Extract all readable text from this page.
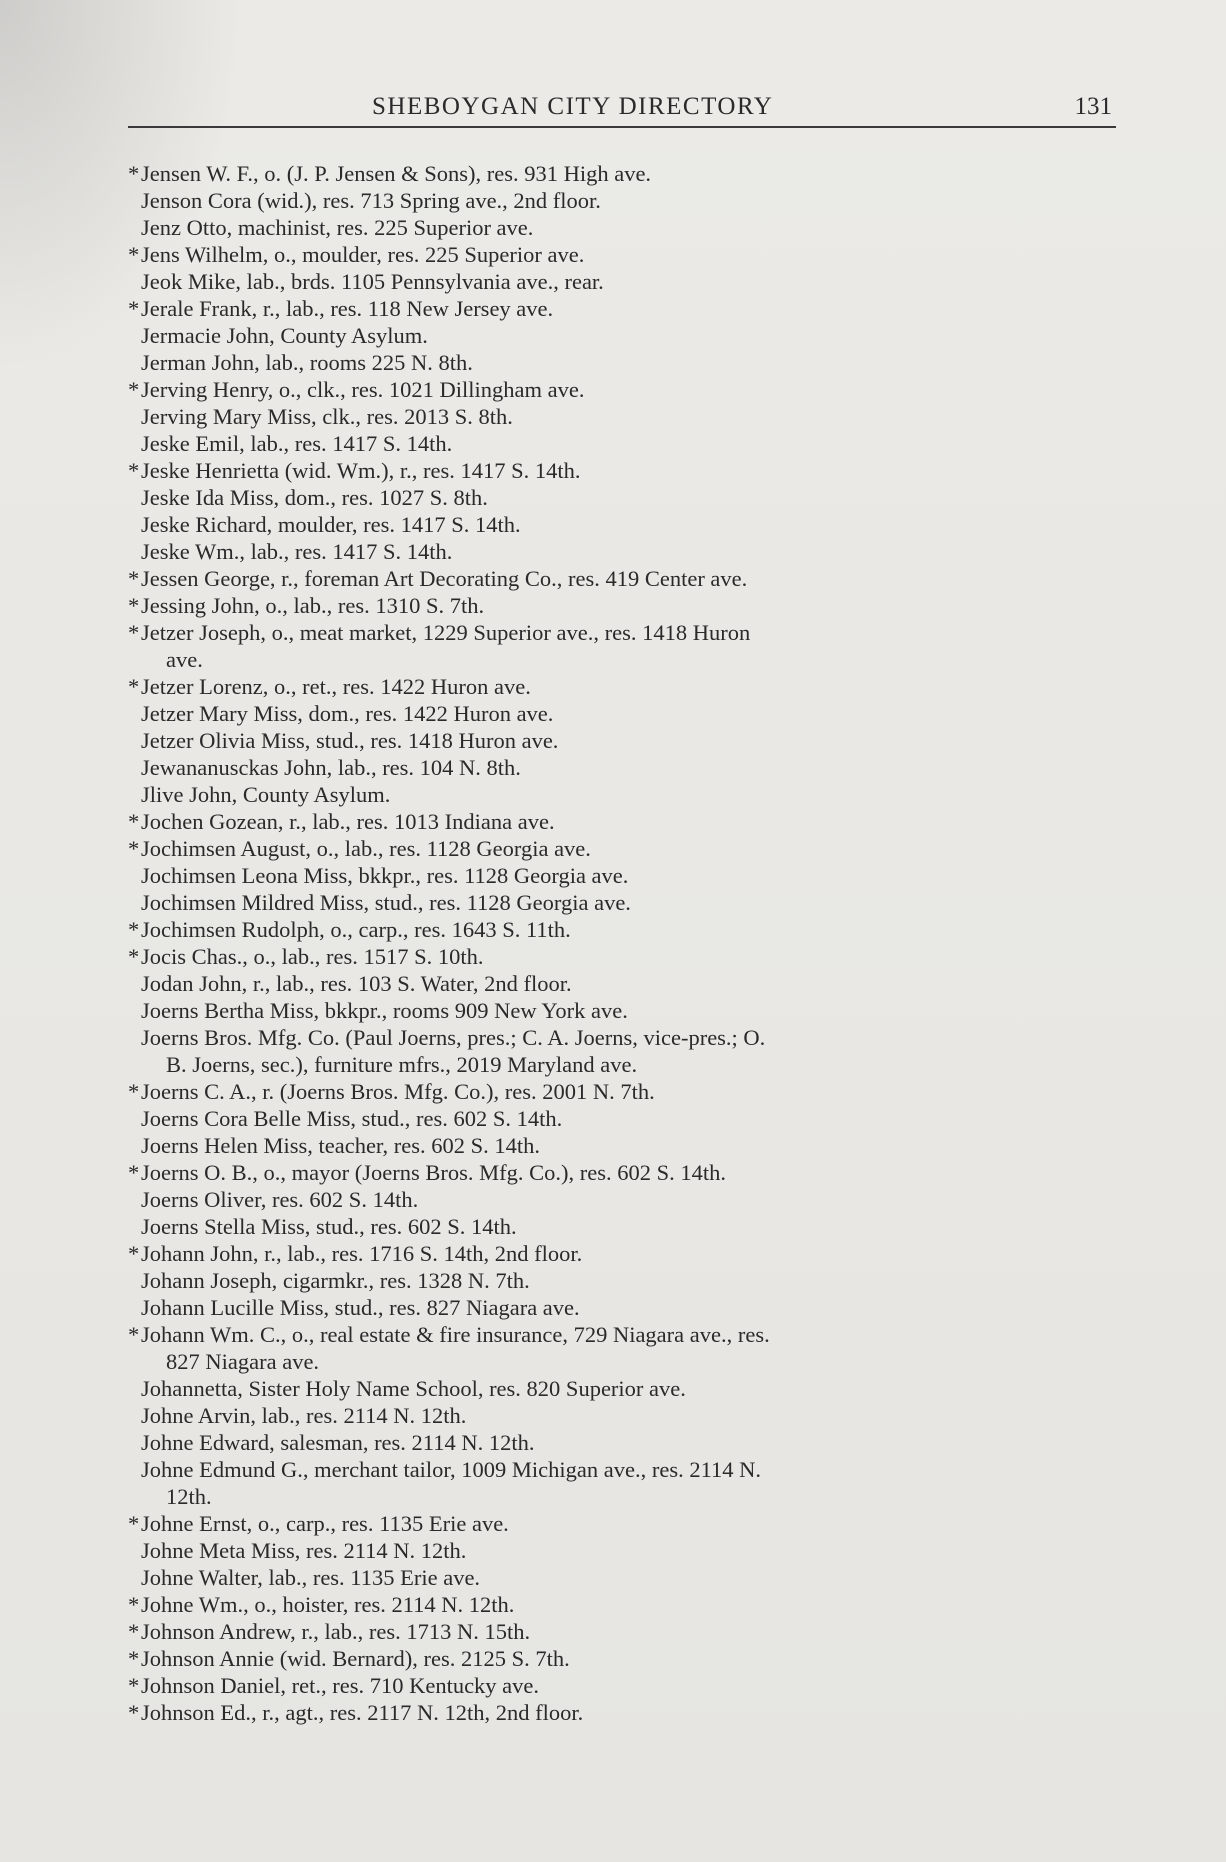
SHEBOYGAN CITY DIRECTORY	131
* Jensen W. F., o. (J. P. Jensen & Sons), res. 931 High ave.
Jenson Cora (wid.), res. 713 Spring ave., 2nd floor.
Jenz Otto, machinist, res. 225 Superior ave.
* Jens Wilhelm, o., moulder, res. 225 Superior ave.
Jeok Mike, lab., brds. 1105 Pennsylvania ave., rear.
* Jerale Frank, r., lab., res. 118 New Jersey ave.
Jermacie John, County Asylum.
Jerman John, lab., rooms 225 N. 8th.
* Jerving Henry, o., clk., res. 1021 Dillingham ave.
Jerving Mary Miss, clk., res. 2013 S. 8th.
Jeske Emil, lab., res. 1417 S. 14th.
* Jeske Henrietta (wid. Wm.), r., res. 1417 S. 14th.
Jeske Ida Miss, dom., res. 1027 S. 8th.
Jeske Richard, moulder, res. 1417 S. 14th.
Jeske Wm., lab., res. 1417 S. 14th.
* Jessen George, r., foreman Art Decorating Co., res. 419 Center ave.
* Jessing John, o., lab., res. 1310 S. 7th.
* Jetzer Joseph, o., meat market, 1229 Superior ave., res. 1418 Huron
ave.
* Jetzer Lorenz, o., ret., res. 1422 Huron ave.
Jetzer Mary Miss, dom., res. 1422 Huron ave.
Jetzer Olivia Miss, stud., res. 1418 Huron ave.
Jewananusckas John, lab., res. 104 N. 8th.
Jlive John, County Asylum.
* Jochen Gozean, r., lab., res. 1013 Indiana ave.
* Jochimsen August, o., lab., res. 1128 Georgia ave.
Jochimsen Leona Miss, bkkpr., res. 1128 Georgia ave.
Jochimsen Mildred Miss, stud., res. 1128 Georgia ave.
* Jochimsen Rudolph, o., carp., res. 1643 S. 11th.
* Jocis Chas., o., lab., res. 1517 S. 10th.
Jodan John, r., lab., res. 103 S. Water, 2nd floor.
Joerns Bertha Miss, bkkpr., rooms 909 New York ave.
Joerns Bros. Mfg. Co. (Paul Joerns, pres.; C. A. Joerns, vice-pres.; O.
B. Joerns, sec.), furniture mfrs., 2019 Maryland ave.
* Joerns C. A., r. (Joerns Bros. Mfg. Co.), res. 2001 N. 7th.
Joerns Cora Belle Miss, stud., res. 602 S. 14th.
Joerns Helen Miss, teacher, res. 602 S. 14th.
* Joerns O. B., o., mayor (Joerns Bros. Mfg. Co.), res. 602 S. 14th.
Joerns Oliver, res. 602 S. 14th.
Joerns Stella Miss, stud., res. 602 S. 14th.
* Johann John, r., lab., res. 1716 S. 14th, 2nd floor.
Johann Joseph, cigarmkr., res. 1328 N. 7th.
Johann Lucille Miss, stud., res. 827 Niagara ave.
* Johann Wm. C., o., real estate & fire insurance, 729 Niagara ave., res.
827 Niagara ave.
Johannetta, Sister Holy Name School, res. 820 Superior ave.
Johne Arvin, lab., res. 2114 N. 12th.
Johne Edward, salesman, res. 2114 N. 12th.
Johne Edmund G., merchant tailor, 1009 Michigan ave., res. 2114 N.
12th.
* Johne Ernst, o., carp., res. 1135 Erie ave.
Johne Meta Miss, res. 2114 N. 12th.
Johne Walter, lab., res. 1135 Erie ave.
* Johne Wm., o., hoister, res. 2114 N. 12th.
* Johnson Andrew, r., lab., res. 1713 N. 15th.
* Johnson Annie (wid. Bernard), res. 2125 S. 7th.
* Johnson Daniel, ret., res. 710 Kentucky ave.
* Johnson Ed., r., agt., res. 2117 N. 12th, 2nd floor.
